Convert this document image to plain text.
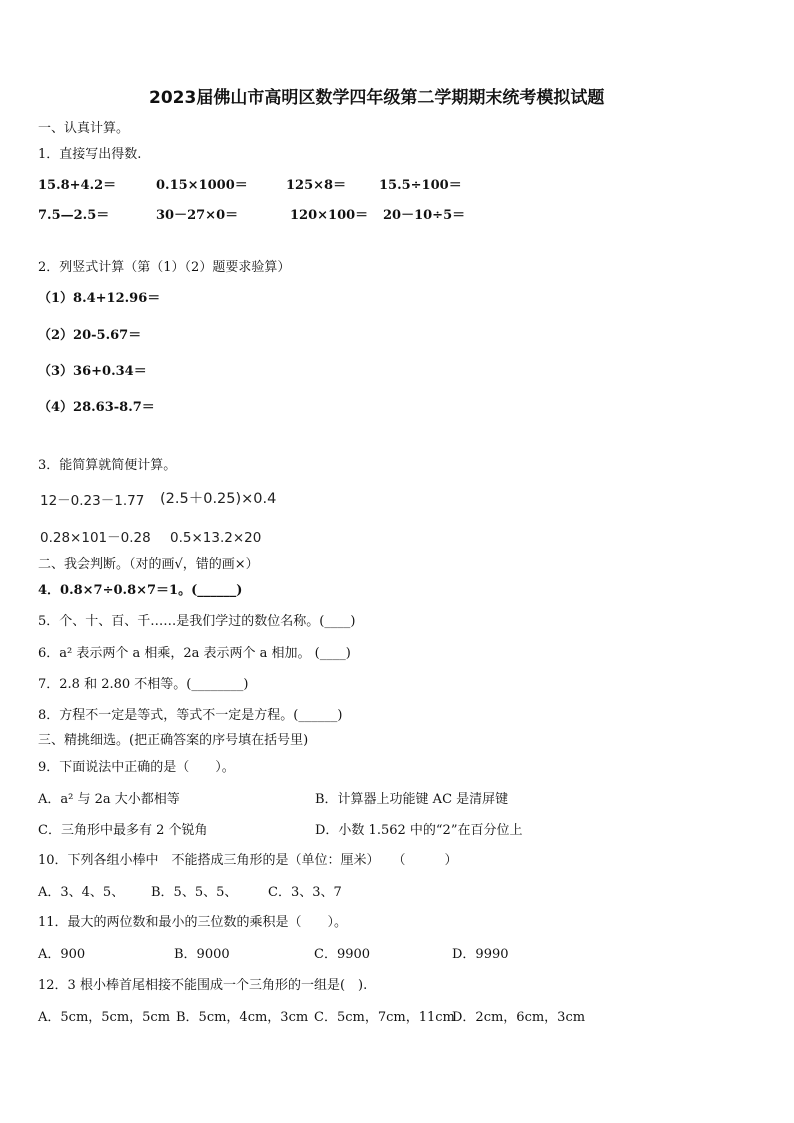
2023届佛山市高明区数学四年级第二学期期末统考模拟试题
一、认真计算。
1．直接写出得数.
15.8+4.2＝	0.15×1000＝	125×8＝	15.5÷100＝
7.5—2.5＝	30－27×0＝	120×100＝ 20－10÷5＝
2．列竖式计算（第（1）（2）题要求验算）
（1）8.4+12.96＝
（2）20-5.67＝
（3）36+0.34＝
（4）28.63-8.7＝
3．能简算就简便计算。
12－0.23－1.77 (2.5＋0.25)×0.4
0.28×101－0.28 0.5×13.2×20
二、我会判断。（对的画√，错的画×）
4．0.8×7÷0.8×7＝1。(______)
5．个、十、百、千……是我们学过的数位名称。(____)
6．a² 表示两个 a 相乘，2a 表示两个 a 相加。 (____)
7．2.8 和 2.80 不相等。(________)
8．方程不一定是等式，等式不一定是方程。(______)
三、精挑细选。(把正确答案的序号填在括号里)
9．下面说法中正确的是（　　）。
A．a² 与 2a 大小都相等	B．计算器上功能键 AC 是清屏键
C．三角形中最多有 2 个锐角	D．小数 1.562 中的“2”在百分位上
10．下列各组小棒中　不能搭成三角形的是（单位：厘米）　　（　　　）
A．3、4、5、 B．5、5、5、 C．3、3、7
11．最大的两位数和最小的三位数的乘积是（　　）。
A．900	B．9000	C．9900	D．9990
12．3 根小棒首尾相接不能围成一个三角形的一组是(　).
A．5cm，5cm，5cm B．5cm，4cm，3cm C．5cm，7cm，11cm
D．2cm，6cm，3cm
